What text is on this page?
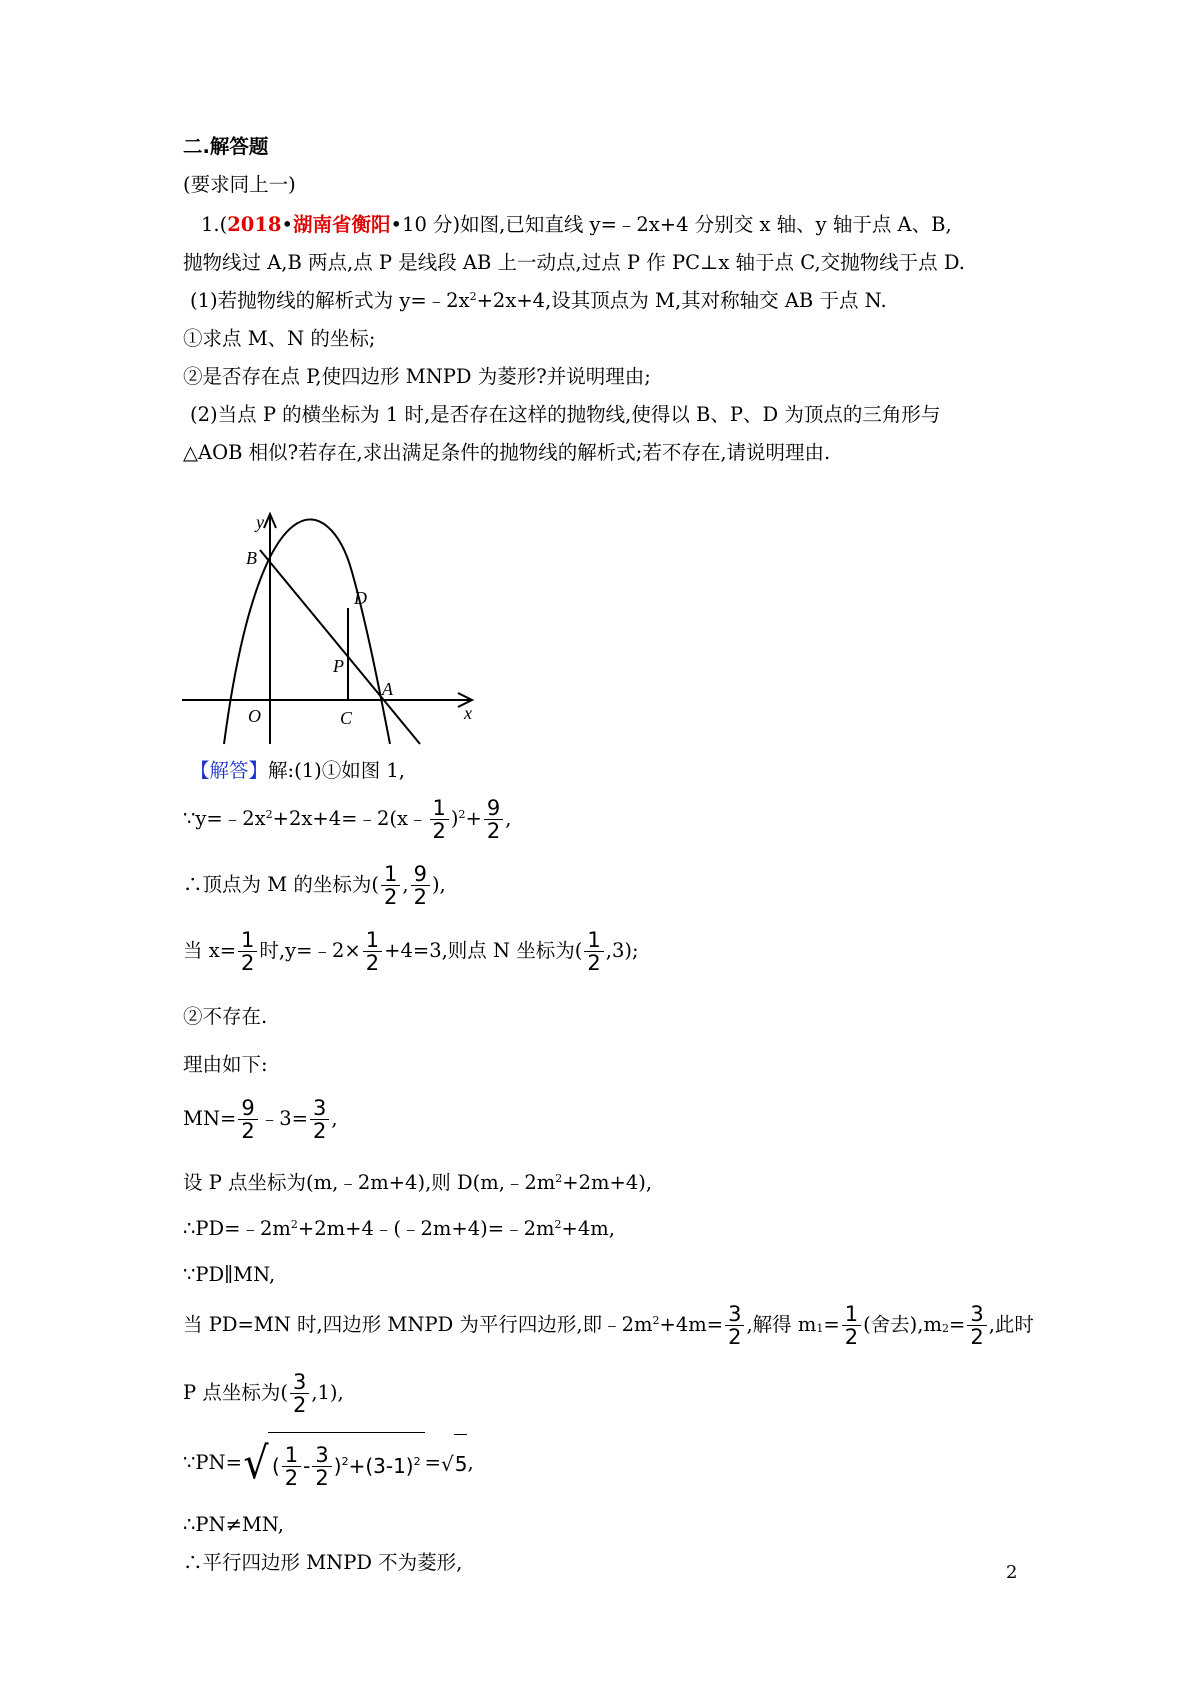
二.解答题
(要求同上一)
1.(2018•湖南省衡阳•10 分)如图,已知直线 y=﹣2x+4 分别交 x 轴、y 轴于点 A、B,
抛物线过 A,B 两点,点 P 是线段 AB 上一动点,过点 P 作 PC⊥x 轴于点 C,交抛物线于点 D.
(1)若抛物线的解析式为 $y=﹣2x^2+2x+4$,设其顶点为 M,其对称轴交 AB 于点 N.
①求点 M、N 的坐标;
②是否存在点 P,使四边形 MNPD 为菱形?并说明理由;
(2)当点 P 的横坐标为 1 时,是否存在这样的抛物线,使得以 B、P、D 为顶点的三角形与
△AOB 相似?若存在,求出满足条件的抛物线的解析式;若不存在,请说明理由.
y
B
D
P
A
O	C	x
【解答】解:(1)①如图 1,
$\because y=﹣2x^2+2x+4=﹣2(x﹣ \frac{1}{2} )^2+ \frac{9}{2}$ ,
∴顶点为 M 的坐标为( $\frac{1}{2}$ , $\frac{9}{2}$ ),
当 $x= \frac{1}{2}$ 时,y=﹣2× $\frac{1}{2} +4=3$,则点 N 坐标为( $\frac{1}{2} ,3$);
②不存在.
理由如下:
$MN= \frac{9}{2}$ ﹣3= $\frac{3}{2}$ ,
设 P 点坐标为(m,﹣2m+4),则 $D(m,﹣2m^2+2m+4)$,
$\therefore PD=﹣2m^2+2m+4﹣(﹣2m+4)=﹣2m^2+4m$,
∵PD∥MN,
当 PD=MN 时,四边形 MNPD 为平行四边形,即$﹣2m^2+4m= \frac{3}{2}$ ,解得 $m_1= \frac{1}{2}$ (舍去)$,m_2= \frac{3}{2}$ ,此时
P 点坐标为( $\frac{3}{2} ,1$),
∵PN= √ ( $\frac{1}{2} - \frac{3}{2} )^2 +(3-1)^2$ =√ 5 ,
∴PN≠MN,
∴平行四边形 MNPD 不为菱形,	2
